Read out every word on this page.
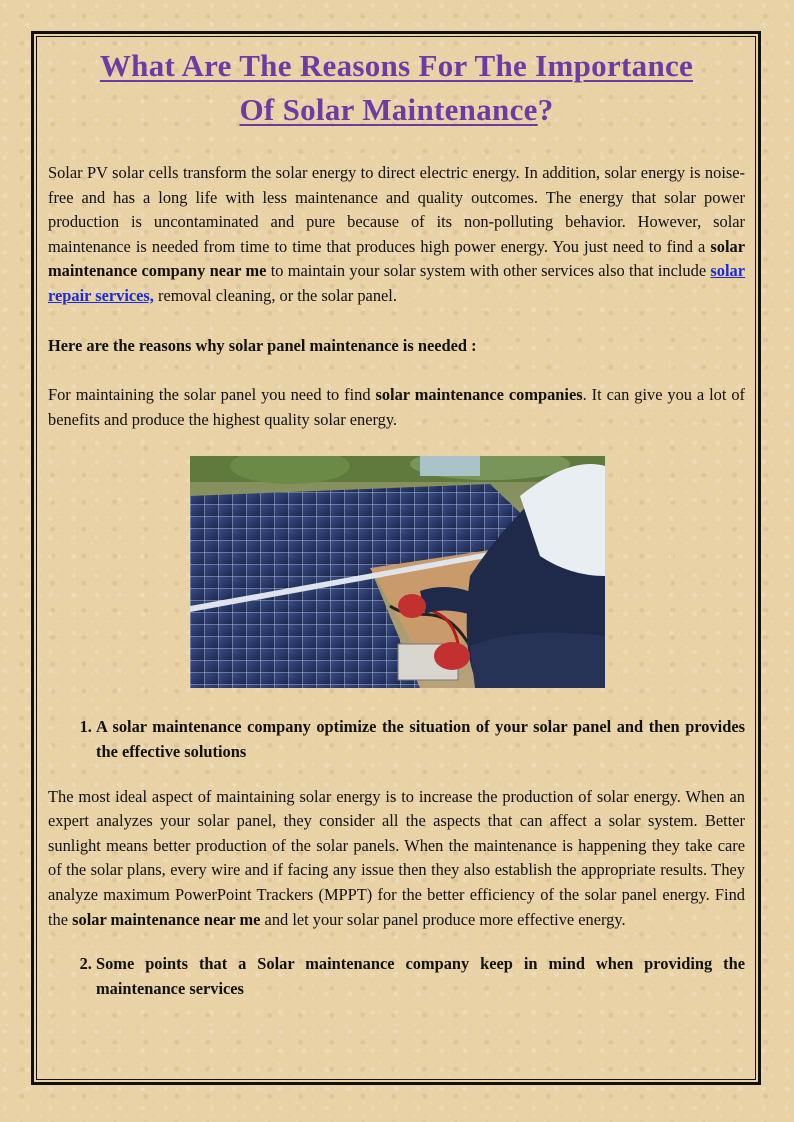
What Are The Reasons For The Importance
Of Solar Maintenance?

Solar PV solar cells transform the solar energy to direct electric energy. In addition, solar energy is noise-free and has a long life with less maintenance and quality outcomes. The energy that solar power production is uncontaminated and pure because of its non-polluting behavior. However, solar maintenance is needed from time to time that produces high power energy. You just need to find a solar maintenance company near me to maintain your solar system with other services also that include solar repair services, removal cleaning, or the solar panel.

Here are the reasons why solar panel maintenance is needed :

For maintaining the solar panel you need to find solar maintenance companies. It can give you a lot of benefits and produce the highest quality solar energy.

1. A solar maintenance company optimize the situation of your solar panel and then provides the effective solutions

The most ideal aspect of maintaining solar energy is to increase the production of solar energy. When an expert analyzes your solar panel, they consider all the aspects that can affect a solar system. Better sunlight means better production of the solar panels. When the maintenance is happening they take care of the solar plans, every wire and if facing any issue then they also establish the appropriate results. They analyze maximum PowerPoint Trackers (MPPT) for the better efficiency of the solar panel energy. Find the solar maintenance near me and let your solar panel produce more effective energy.

2. Some points that a Solar maintenance company keep in mind when providing the maintenance services
